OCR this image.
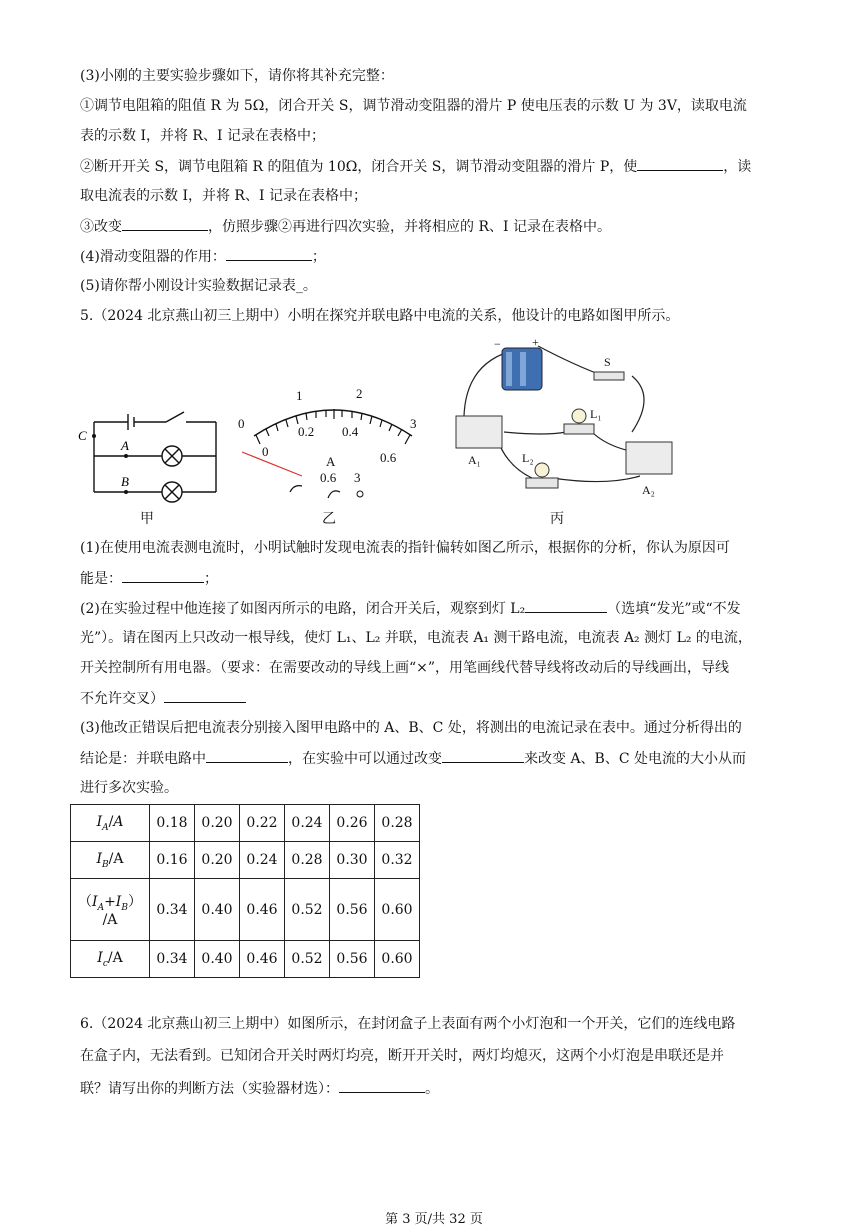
(3)小刚的主要实验步骤如下，请你将其补充完整：
①调节电阻箱的阻值 R 为 5Ω，闭合开关 S，调节滑动变阻器的滑片 P 使电压表的示数 U 为 3V，读取电流
表的示数 I，并将 R、I 记录在表格中；
②断开开关 S，调节电阻箱 R 的阻值为 10Ω，闭合开关 S，调节滑动变阻器的滑片 P，使	，读
取电流表的示数 I，并将 R、I 记录在表格中；
③改变	，仿照步骤②再进行四次实验，并将相应的 R、I 记录在表格中。
(4)滑动变阻器的作用：	；
(5)请你帮小刚设计实验数据记录表_。
5.（2024 北京燕山初三上期中）小明在探究并联电路中电流的关系，他设计的电路如图甲所示。
C
A
B
甲
0
1	2
3
0
0.2 0.4
0.6
A
0.6 3
乙
−	+
S
L₁
L₂
A₁
A₂
丙
(1)在使用电流表测电流时，小明试触时发现电流表的指针偏转如图乙所示，根据你的分析，你认为原因可
能是：	；
(2)在实验过程中他连接了如图丙所示的电路，闭合开关后，观察到灯 L₂	（选填“发光”或“不发
光”）。请在图丙上只改动一根导线，使灯 L₁、L₂ 并联，电流表 A₁ 测干路电流，电流表 A₂ 测灯 L₂ 的电流，
开关控制所有用电器。（要求：在需要改动的导线上画“×”，用笔画线代替导线将改动后的导线画出，导线
不允许交叉）
(3)他改正错误后把电流表分别接入图甲电路中的 A、B、C 处，将测出的电流记录在表中。通过分析得出的
结论是：并联电路中	，在实验中可以通过改变	来改变 A、B、C 处电流的大小从而
进行多次实验。
$I_A/A$	0.18	0.20	0.22	0.24	0.26	0.28
$I_B/A$	0.16	0.20	0.24	0.28	0.30	0.32
$(I_A+I_B)$
/A	0.34	0.40	0.46	0.52	0.56	0.60
$I_c/A$	0.34	0.40	0.46	0.52	0.56	0.60
6.（2024 北京燕山初三上期中）如图所示，在封闭盒子上表面有两个小灯泡和一个开关，它们的连线电路
在盒子内，无法看到。已知闭合开关时两灯均亮，断开开关时，两灯均熄灭，这两个小灯泡是串联还是并
联？请写出你的判断方法（实验器材选）：	。
第 3 页/共 32 页
